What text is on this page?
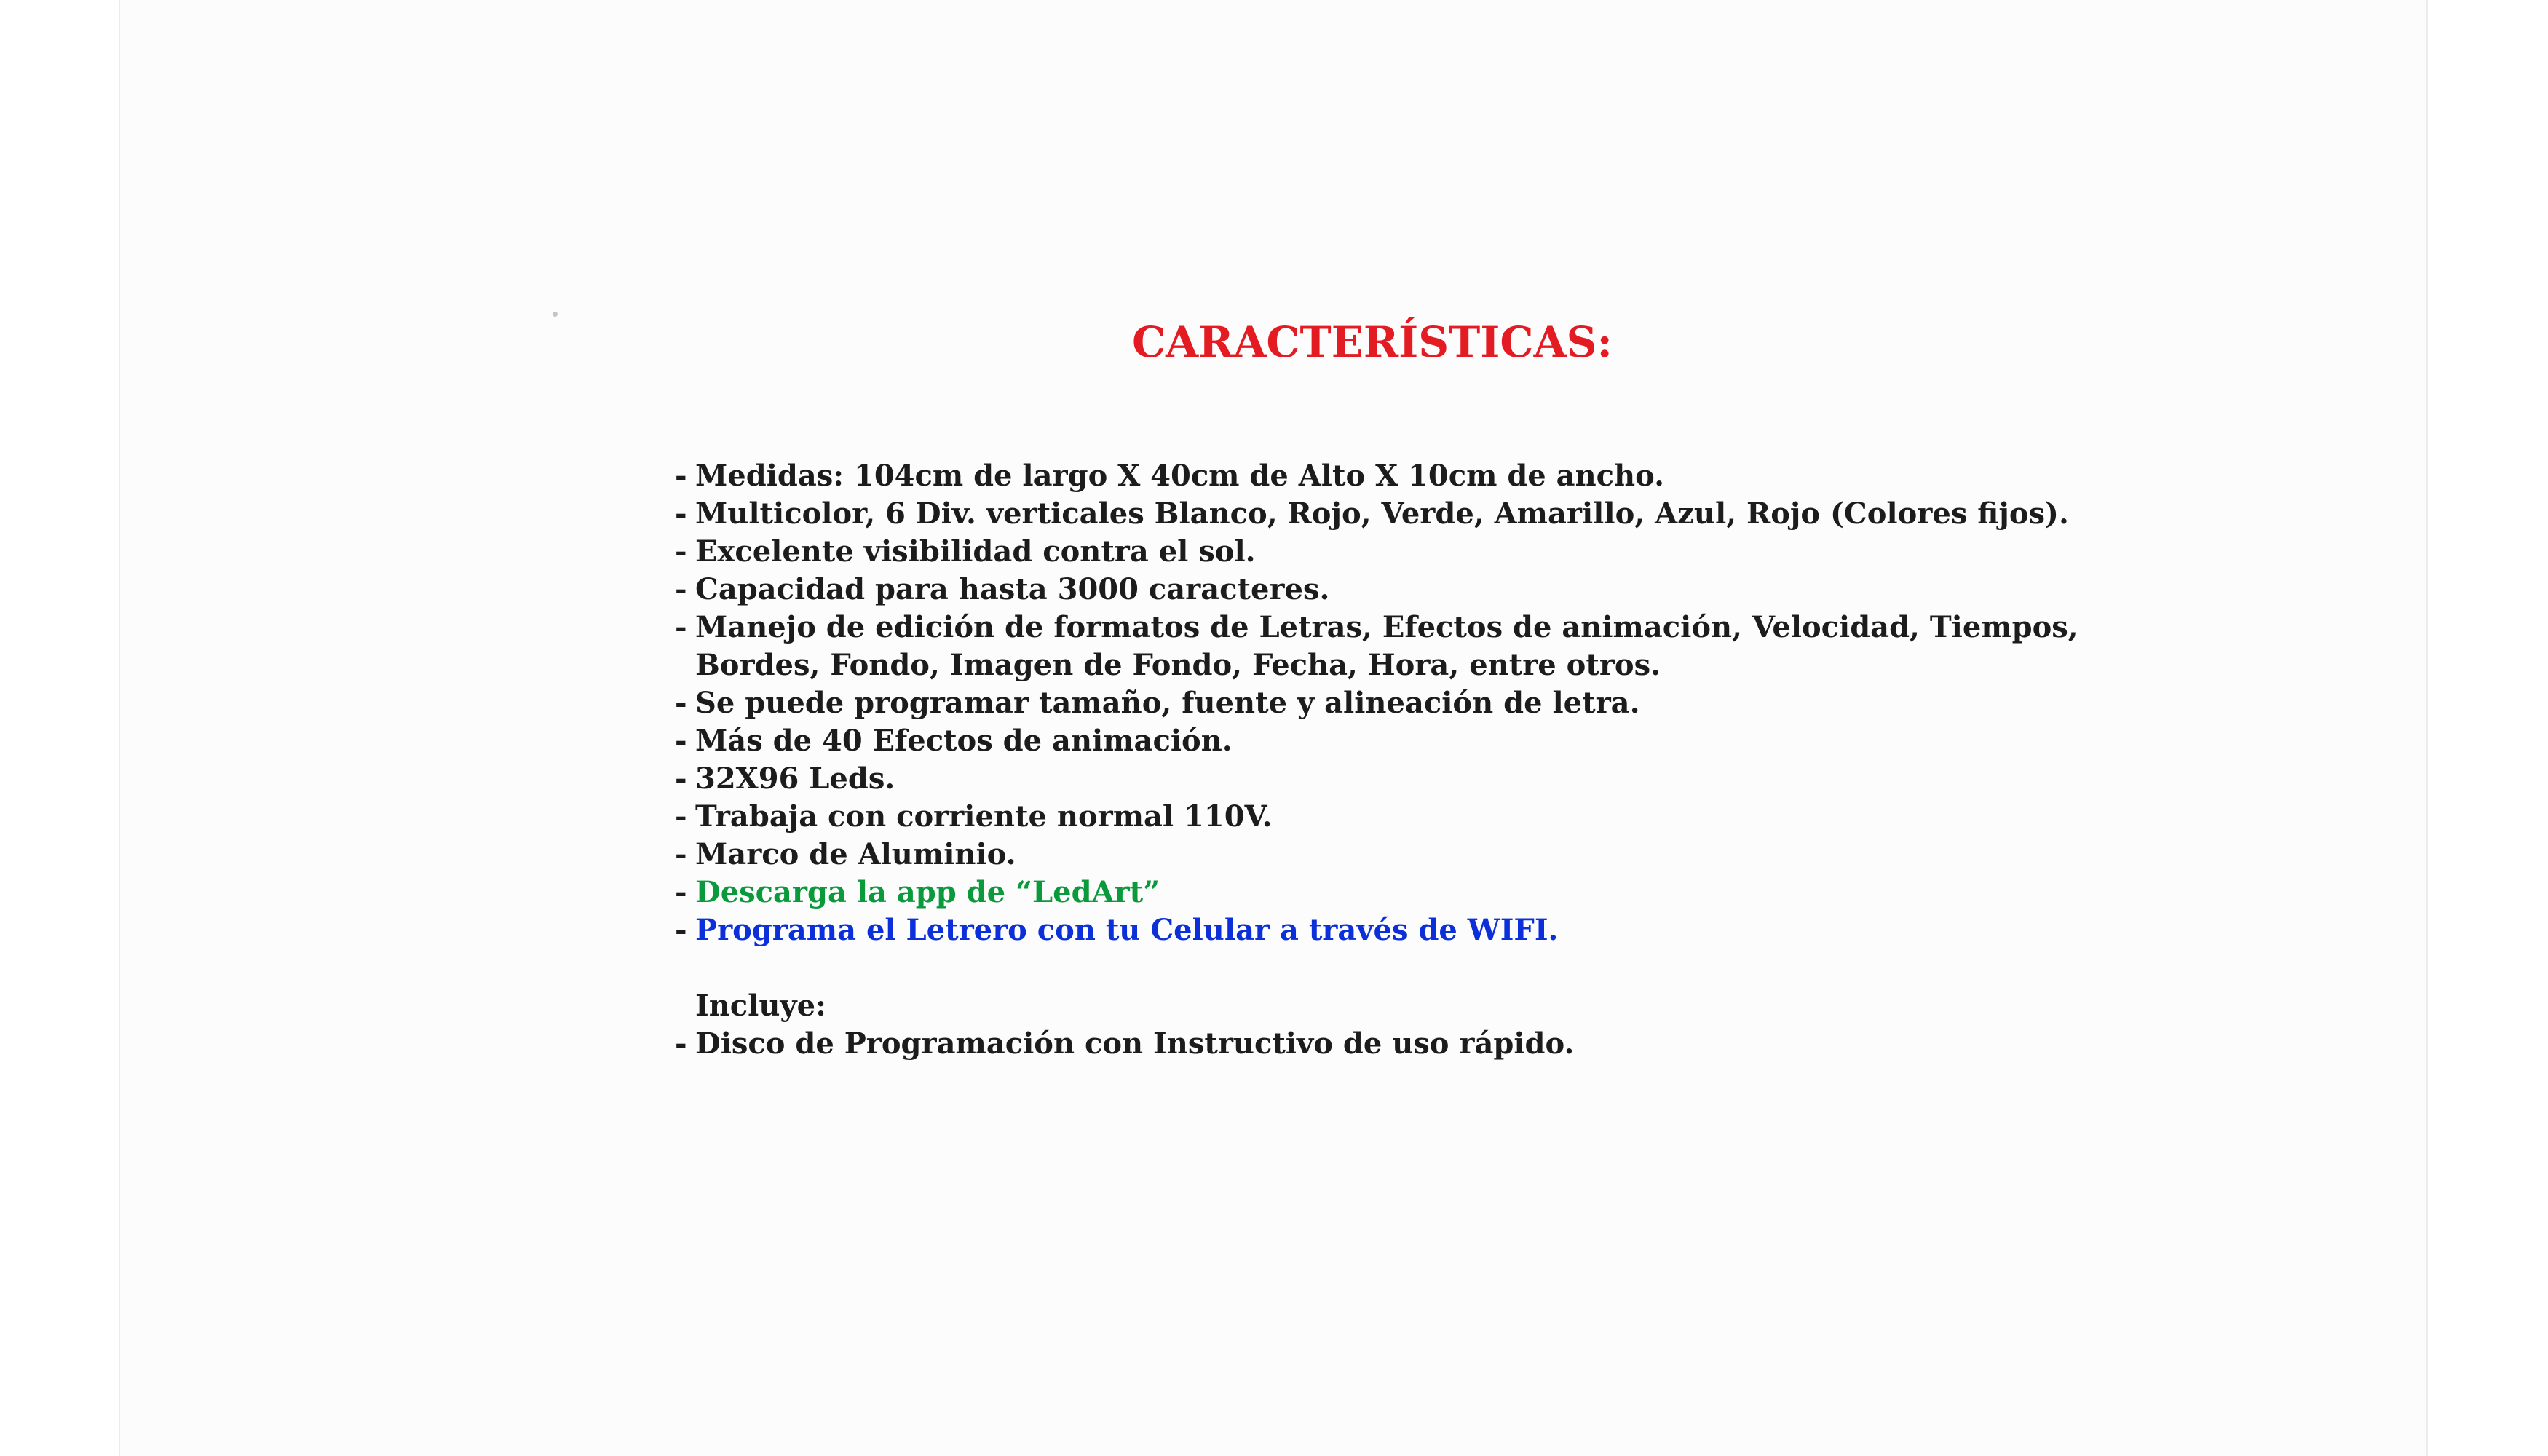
CARACTERÍSTICAS:
- Medidas: 104cm de largo X 40cm de Alto X 10cm de ancho.
- Multicolor, 6 Div. verticales Blanco, Rojo, Verde, Amarillo, Azul, Rojo (Colores fijos).
- Excelente visibilidad contra el sol.
- Capacidad para hasta 3000 caracteres.
- Manejo de edición de formatos de Letras, Efectos de animación, Velocidad, Tiempos,
Bordes, Fondo, Imagen de Fondo, Fecha, Hora, entre otros.
- Se puede programar tamaño, fuente y alineación de letra.
- Más de 40 Efectos de animación.
- 32X96 Leds.
- Trabaja con corriente normal 110V.
- Marco de Aluminio.
- Descarga la app de “LedArt”
- Programa el Letrero con tu Celular a través de WIFI.
Incluye:
- Disco de Programación con Instructivo de uso rápido.
